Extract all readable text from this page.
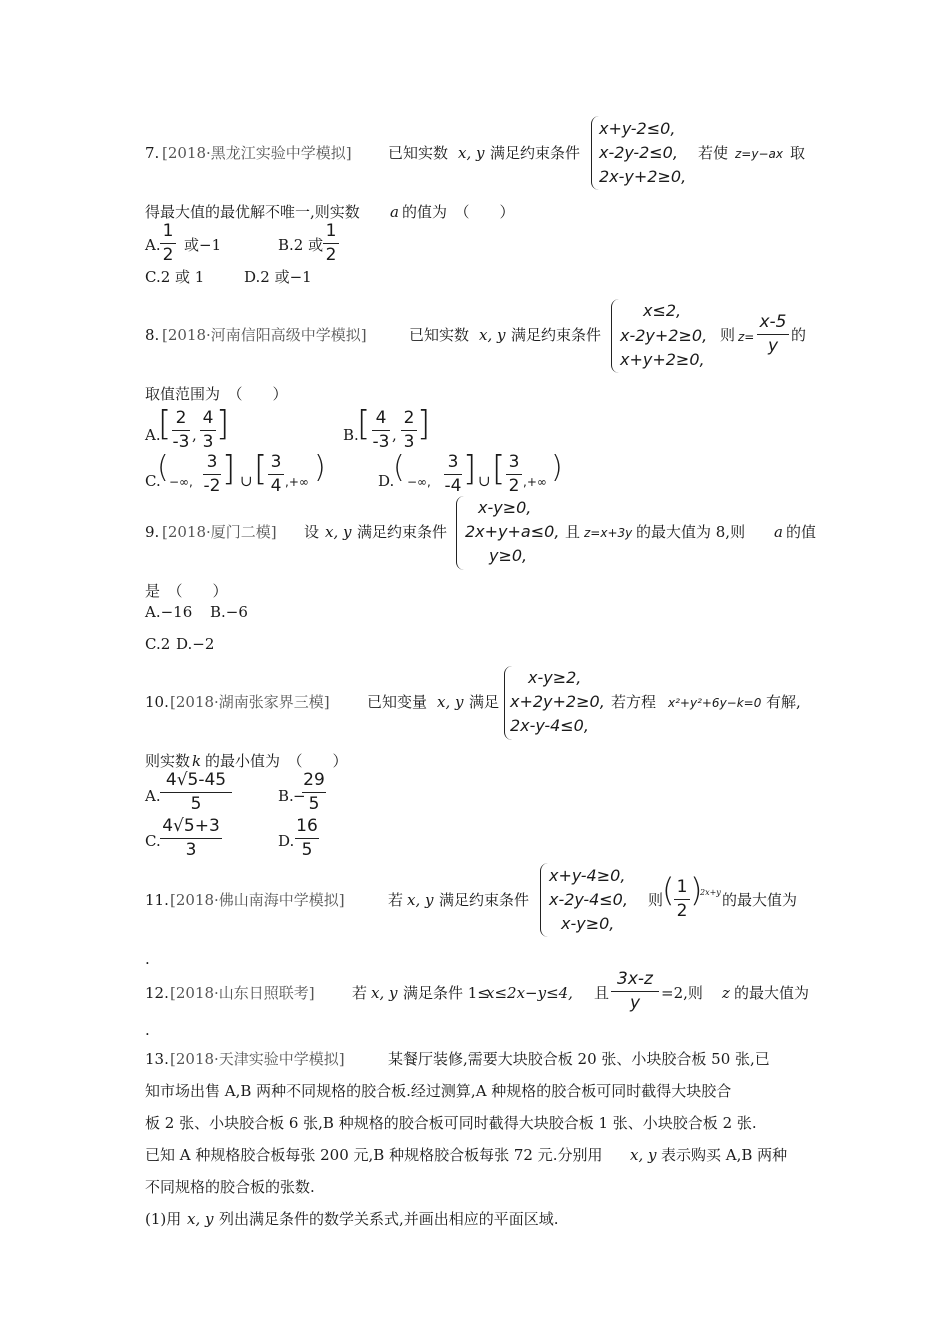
7. [2018·黑龙江实验中学模拟] 已知实数 x, y 满足约束条件
x+y-2≤0,
x-2y-2≤0,
2x-y+2≥0,
若使 z=y−ax 取
得最大值的最优解不唯一,则实数 a 的值为　（　　）
A. $\frac{1}{2}$ 或−1	B.2 或 $\frac{1}{2}$
C.2 或 1	D.2 或−1
8. [2018·河南信阳高级中学模拟]	已知实数 x, y 满足约束条件
x≤2,
x-2y+2≥0,
x+y+2≥0,
则 $z= \frac{x-5}{y}$ 的
取值范围为　（　　）
A.
[ $\frac{2}{-3}$ , $\frac{4}{3}$ ]	B.
[ $\frac{4}{-3}$ , $\frac{2}{3}$ ]
C.
( −∞, $\frac{3}{-2}$ ] ∪ [ $\frac{3}{4}$ ,+∞ )	D.
( −∞, $\frac{3}{-4}$ ] ∪ [ $\frac{3}{2}$ ,+∞ )
9. [2018·厦门二模] 设 x, y 满足约束条件
x-y≥0,
2x+y+a≤0,
y≥0,
且 z=x+3y 的最大值为 8,则 a 的值
是　（　　）
A.−16 B.−6
C.2 D.−2
10. [2018·湖南张家界三模] 已知变量 x, y 满足
x-y≥2,
x+2y+2≥0,
2x-y-4≤0,
若方程 x²+y²+6y−k=0 有解,
则实数 k 的最小值为　（　　）
A. $\frac{4√5-45}{5}$	B. −
$\frac{29}{5}$
C. $\frac{4√5+3}{3}$	D. $\frac{16}{5}$
11. [2018·佛山南海中学模拟]	若 x, y 满足约束条件
x+y-4≥0,
x-2y-4≤0,
x-y≥0,
则
( $\frac{1}{2}$ )
2x+y 的最大值为
.
12. [2018·山东日照联考] 若 x, y 满足条件 1≤
x≤2x−y≤4, 且 $\frac{3x-z}{y} =2$,则 z 的最大值为
.
13. [2018·天津实验中学模拟]	某餐厅装修,需要大块胶合板 20 张、小块胶合板 50 张,已
知市场出售 A,B 两种不同规格的胶合板.经过测算,A 种规格的胶合板可同时截得大块胶合
板 2 张、小块胶合板 6 张,B 种规格的胶合板可同时截得大块胶合板 1 张、小块胶合板 2 张.
已知 A 种规格胶合板每张 200 元,B 种规格胶合板每张 72 元.分别用 x, y 表示购买 A,B 两种
不同规格的胶合板的张数.
(1)用 x, y 列出满足条件的数学关系式,并画出相应的平面区域.
